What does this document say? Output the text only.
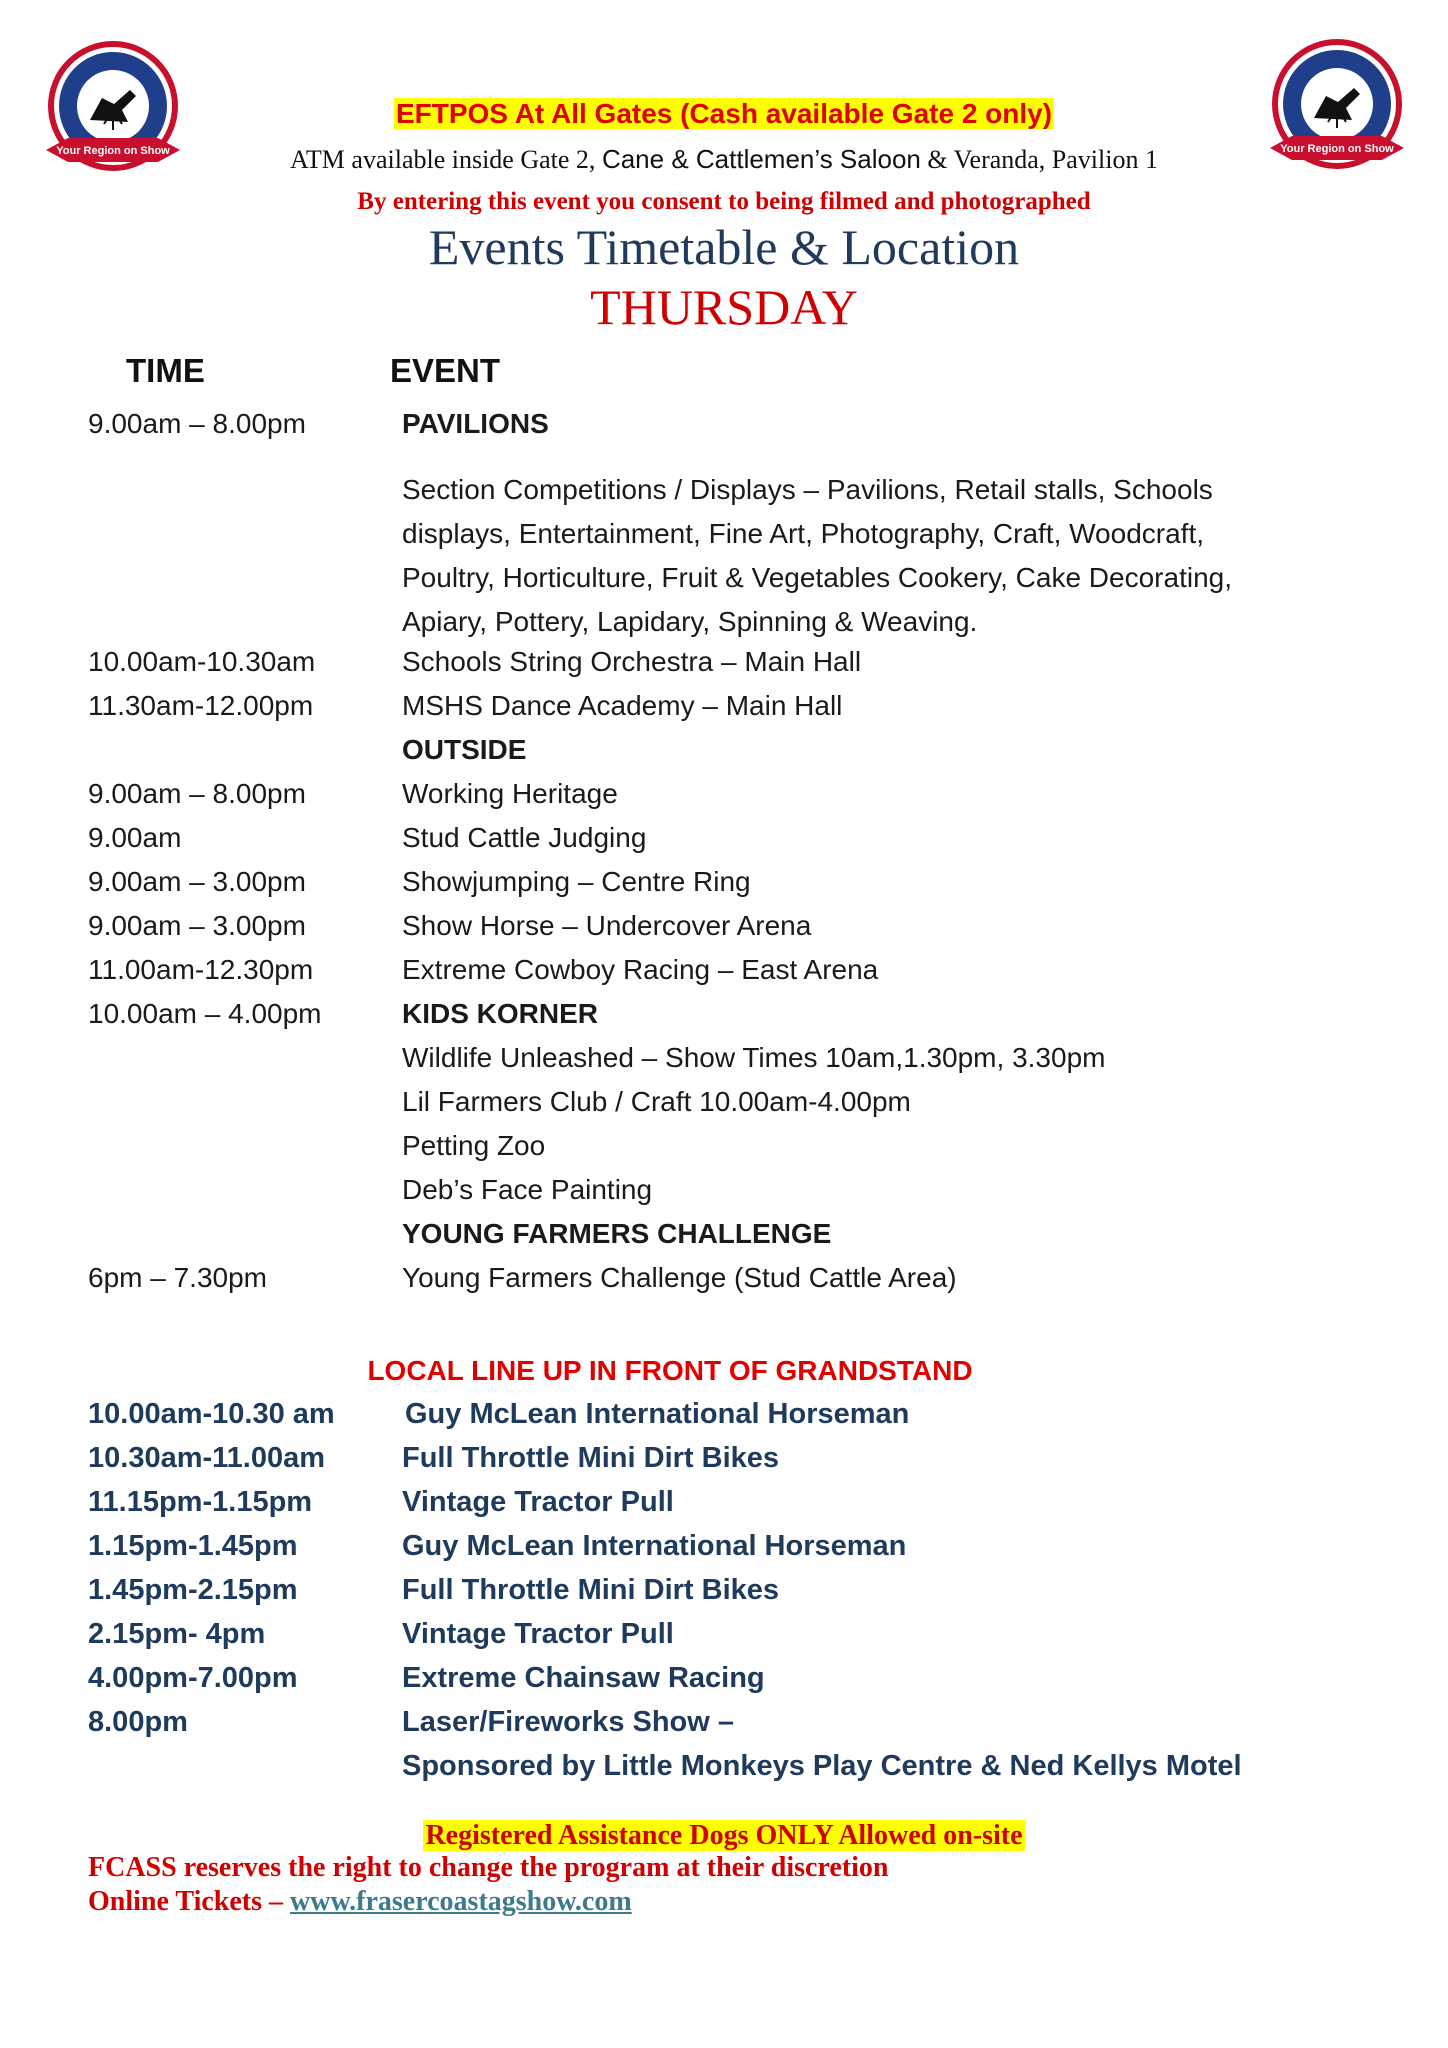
Your Region on Show	Your Region on Show
EFTPOS At All Gates (Cash available Gate 2 only)
ATM available inside Gate 2, Cane & Cattlemen’s Saloon & Veranda, Pavilion 1
By entering this event you consent to being filmed and photographed
Events Timetable & Location
THURSDAY
TIME	EVENT
9.00am – 8.00pm	PAVILIONS
Section Competitions / Displays – Pavilions, Retail stalls, Schools displays, Entertainment, Fine Art, Photography, Craft, Woodcraft, Poultry, Horticulture, Fruit & Vegetables Cookery, Cake Decorating, Apiary, Pottery, Lapidary, Spinning & Weaving.
10.00am-10.30am	Schools String Orchestra – Main Hall
11.30am-12.00pm	MSHS Dance Academy – Main Hall
OUTSIDE
9.00am – 8.00pm	Working Heritage
9.00am	Stud Cattle Judging
9.00am – 3.00pm	Showjumping – Centre Ring
9.00am – 3.00pm	Show Horse – Undercover Arena
11.00am-12.30pm	Extreme Cowboy Racing – East Arena
10.00am – 4.00pm	KIDS KORNER
Wildlife Unleashed – Show Times 10am,1.30pm, 3.30pm
Lil Farmers Club / Craft 10.00am-4.00pm
Petting Zoo
Deb’s Face Painting
YOUNG FARMERS CHALLENGE
6pm – 7.30pm	Young Farmers Challenge (Stud Cattle Area)
LOCAL LINE UP IN FRONT OF GRANDSTAND
10.00am-10.30 am Guy McLean International Horseman
10.30am-11.00am	Full Throttle Mini Dirt Bikes
11.15pm-1.15pm	Vintage Tractor Pull
1.15pm-1.45pm	Guy McLean International Horseman
1.45pm-2.15pm	Full Throttle Mini Dirt Bikes
2.15pm- 4pm	Vintage Tractor Pull
4.00pm-7.00pm	Extreme Chainsaw Racing
8.00pm	Laser/Fireworks Show –
Sponsored by Little Monkeys Play Centre & Ned Kellys Motel
Registered Assistance Dogs ONLY Allowed on-site
FCASS reserves the right to change the program at their discretion
Online Tickets – www.frasercoastagshow.com
